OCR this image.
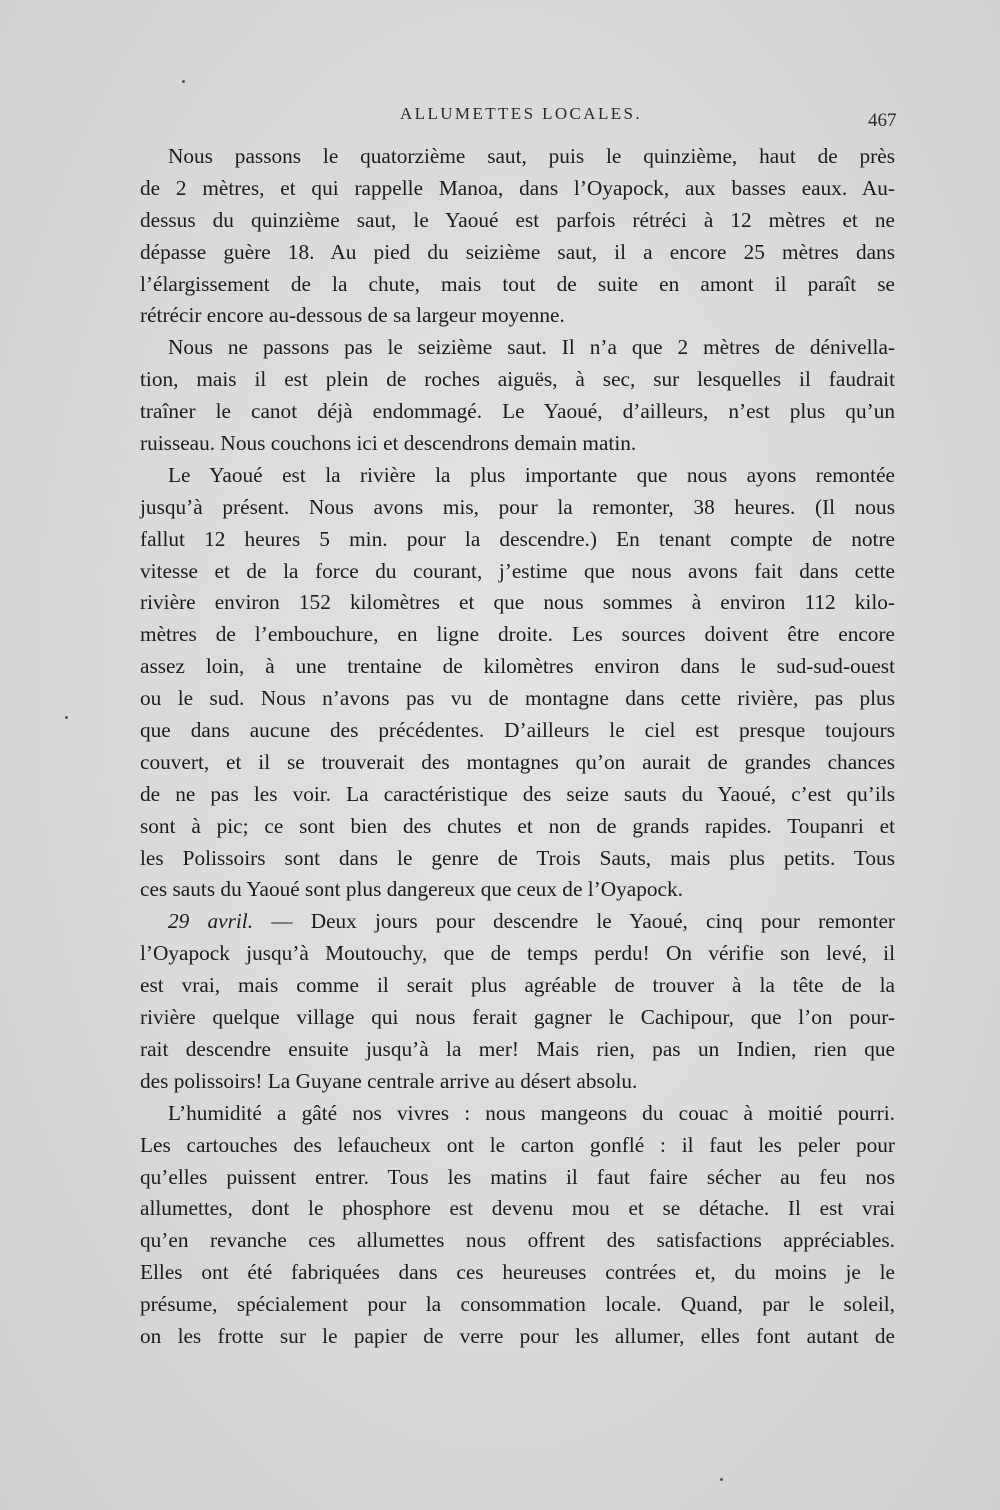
ALLUMETTES LOCALES.	467

Nous passons le quatorzième saut, puis le quinzième, haut de près
de 2 mètres, et qui rappelle Manoa, dans l’Oyapock, aux basses eaux. Au-
dessus du quinzième saut, le Yaoué est parfois rétréci à 12 mètres et ne
dépasse guère 18. Au pied du seizième saut, il a encore 25 mètres dans
l’élargissement de la chute, mais tout de suite en amont il paraît se
rétrécir encore au-dessous de sa largeur moyenne.

Nous ne passons pas le seizième saut. Il n’a que 2 mètres de dénivella-
tion, mais il est plein de roches aiguës, à sec, sur lesquelles il faudrait
traîner le canot déjà endommagé. Le Yaoué, d’ailleurs, n’est plus qu’un
ruisseau. Nous couchons ici et descendrons demain matin.

Le Yaoué est la rivière la plus importante que nous ayons remontée
jusqu’à présent. Nous avons mis, pour la remonter, 38 heures. (Il nous
fallut 12 heures 5 min. pour la descendre.) En tenant compte de notre
vitesse et de la force du courant, j’estime que nous avons fait dans cette
rivière environ 152 kilomètres et que nous sommes à environ 112 kilo-
mètres de l’embouchure, en ligne droite. Les sources doivent être encore
assez loin, à une trentaine de kilomètres environ dans le sud-sud-ouest
ou le sud. Nous n’avons pas vu de montagne dans cette rivière, pas plus
que dans aucune des précédentes. D’ailleurs le ciel est presque toujours
couvert, et il se trouverait des montagnes qu’on aurait de grandes chances
de ne pas les voir. La caractéristique des seize sauts du Yaoué, c’est qu’ils
sont à pic; ce sont bien des chutes et non de grands rapides. Toupanri et
les Polissoirs sont dans le genre de Trois Sauts, mais plus petits. Tous
ces sauts du Yaoué sont plus dangereux que ceux de l’Oyapock.

29 avril. — Deux jours pour descendre le Yaoué, cinq pour remonter
l’Oyapock jusqu’à Moutouchy, que de temps perdu! On vérifie son levé, il
est vrai, mais comme il serait plus agréable de trouver à la tête de la
rivière quelque village qui nous ferait gagner le Cachipour, que l’on pour-
rait descendre ensuite jusqu’à la mer! Mais rien, pas un Indien, rien que
des polissoirs! La Guyane centrale arrive au désert absolu.

L’humidité a gâté nos vivres : nous mangeons du couac à moitié pourri.
Les cartouches des lefaucheux ont le carton gonflé : il faut les peler pour
qu’elles puissent entrer. Tous les matins il faut faire sécher au feu nos
allumettes, dont le phosphore est devenu mou et se détache. Il est vrai
qu’en revanche ces allumettes nous offrent des satisfactions appréciables.
Elles ont été fabriquées dans ces heureuses contrées et, du moins je le
présume, spécialement pour la consommation locale. Quand, par le soleil,
on les frotte sur le papier de verre pour les allumer, elles font autant de
